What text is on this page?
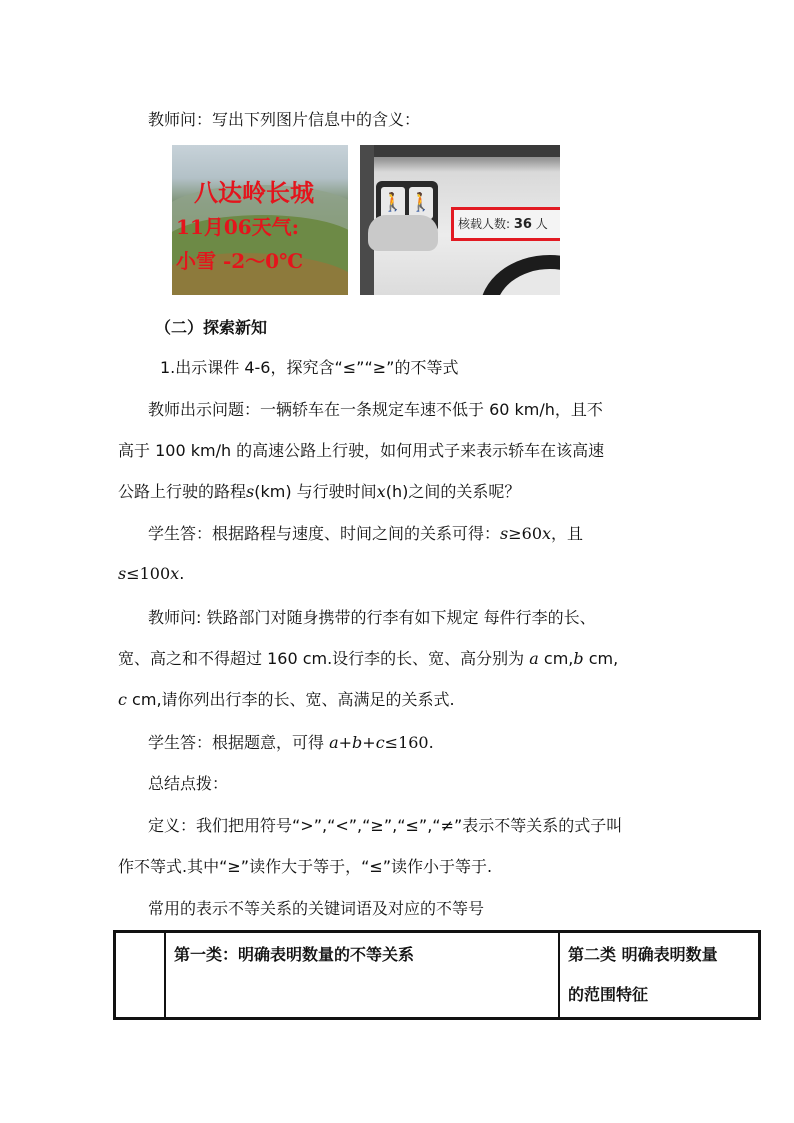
教师问：写出下列图片信息中的含义：
八达岭长城
11月06天气:
小雪 -2～0℃
🚶 🚶
核载人数: 36 人
（二）探索新知
1.出示课件 4-6，探究含“≤”“≥”的不等式
教师出示问题：一辆轿车在一条规定车速不低于 60 km/h，且不
高于 100 km/h 的高速公路上行驶，如何用式子来表示轿车在该高速
公路上行驶的路程s(km) 与行驶时间x(h)之间的关系呢？
学生答：根据路程与速度、时间之间的关系可得：s≥60x，且
s≤100x.
教师问: 铁路部门对随身携带的行李有如下规定 每件行李的长、
宽、高之和不得超过 160 cm.设行李的长、宽、高分别为 a cm,b cm,
c cm,请你列出行李的长、宽、高满足的关系式.
学生答：根据题意，可得 a+b+c≤160.
总结点拨：
定义：我们把用符号“>”,“<”,“≥”,“≤”,“≠”表示不等关系的式子叫
作不等式.其中“≥”读作大于等于，“≤”读作小于等于.
常用的表示不等关系的关键词语及对应的不等号
第一类：明确表明数量的不等关系	第二类 明确表明数量
的范围特征
